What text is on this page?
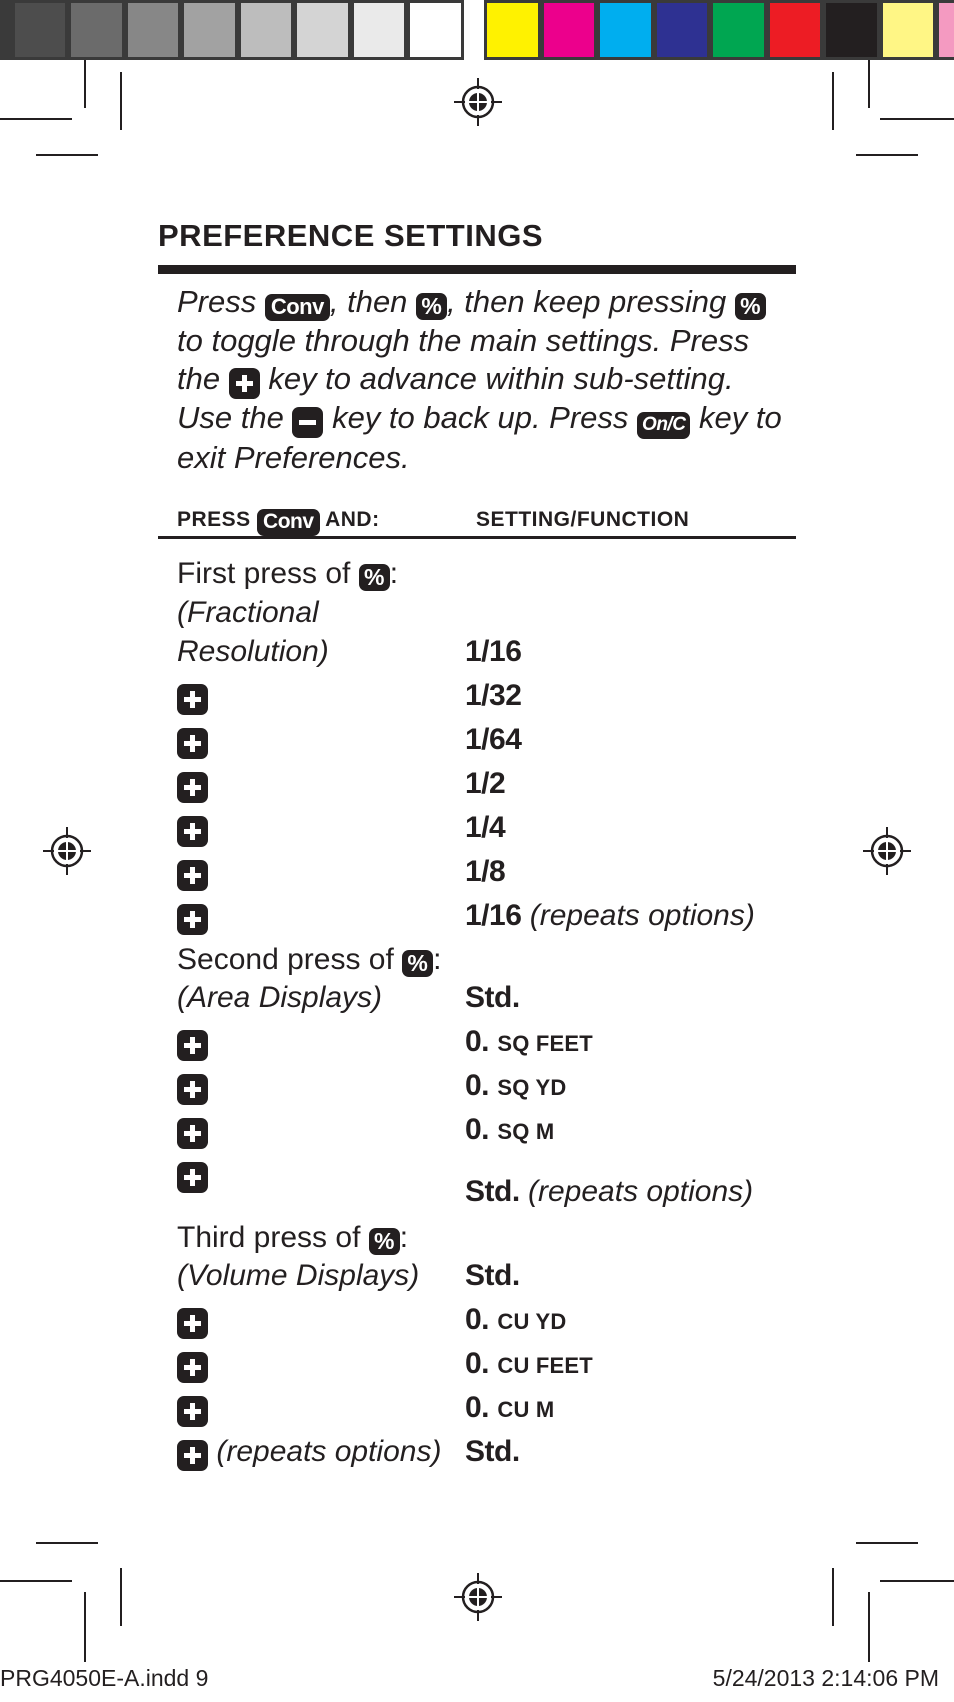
PREFERENCE SETTINGS
Press Conv , then % , then keep pressing % to toggle through the main settings. Press the
key to advance within sub-setting. Use the
key to back up. Press On/C key to exit Preferences.
PRESS Conv AND:	SETTING/FUNCTION
First press of % :
(Fractional
Resolution)	1/16
1/32
1/64
1/2
1/4
1/8
1/16 (repeats options)
Second press of % :
(Area Displays)	Std.
0. SQ FEET
0. SQ YD
0. SQ M
Std. (repeats options)
Third press of % :
(Volume Displays) Std.
0. CU YD
0. CU FEET
0. CU M
(repeats options) Std.
PRG4050E-A.indd 9	5/24/2013 2:14:06 PM
